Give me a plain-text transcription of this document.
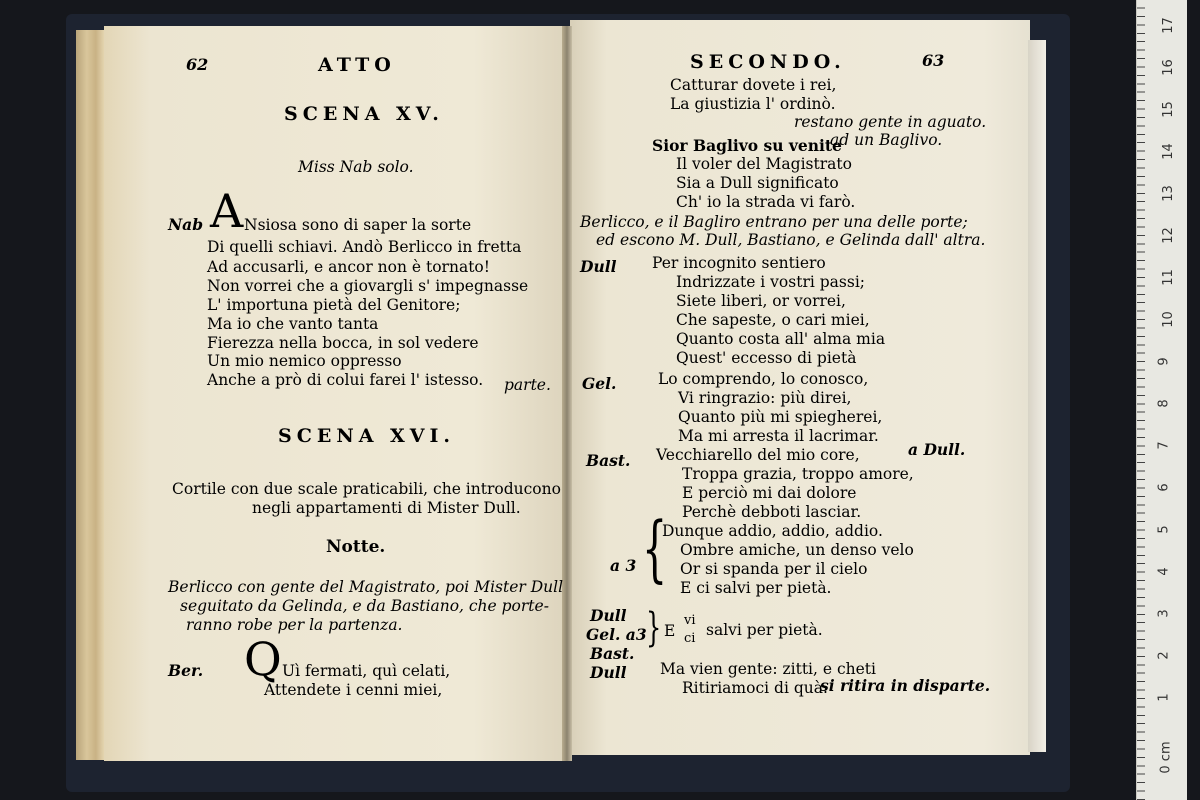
62	ATTO
SCENA XV.
Miss Nab solo.
Nab A Nsiosa sono di saper la sorte
Di quelli schiavi. Andò Berlicco in fretta
Ad accusarli, e ancor non è tornato!
Non vorrei che a giovargli s' impegnasse
L' importuna pietà del Genitore;
Ma io che vanto tanta
Fierezza nella bocca, in sol vedere
Un mio nemico oppresso
Anche a prò di colui farei l' istesso. parte.
SCENA XVI.
Cortile con due scale praticabili, che introducono
negli appartamenti di Mister Dull.
Notte.
Berlicco con gente del Magistrato, poi Mister Dull
seguitato da Gelinda, e da Bastiano, che porte-
ranno robe per la partenza.
Ber. Q Uì fermati, quì celati,
Attendete i cenni miei,
SECONDO.	63
Catturar dovete i rei,
La giustizia l' ordinò.
restano gente in aguato.
Sior Baglivo su venite
ad un Baglivo.
Il voler del Magistrato
Sia a Dull significato
Ch' io la strada vi farò.
Berlicco, e il Bagliro entrano per una delle porte;
ed escono M. Dull, Bastiano, e Gelinda dall' altra.
Dull Per incognito sentiero
Indrizzate i vostri passi;
Siete liberi, or vorrei,
Che sapeste, o cari miei,
Quanto costa all' alma mia
Quest' eccesso di pietà
Gel.	Lo comprendo, lo conosco,
Vi ringrazio: più direi,
Quanto più mi spiegherei,
Ma mi arresta il lacrimar.
Bast. Vecchiarello del mio core,	a Dull.
Troppa grazia, troppo amore,
E perciò mi dai dolore
Perchè debboti lasciar.
a 3 {
Dunque addio, addio, addio.
Ombre amiche, un denso velo
Or si spanda per il cielo
E ci salvi per pietà.
Dull
Gel. a3
Bast.
} E
vi
ci salvi per pietà.
Dull Ma vien gente: zitti, e cheti
Ritiriamoci di quà.
si ritira in disparte.
17
16
15
14
13
12
11
10
9
8
7
6
5
4
3
2
1
0 cm
